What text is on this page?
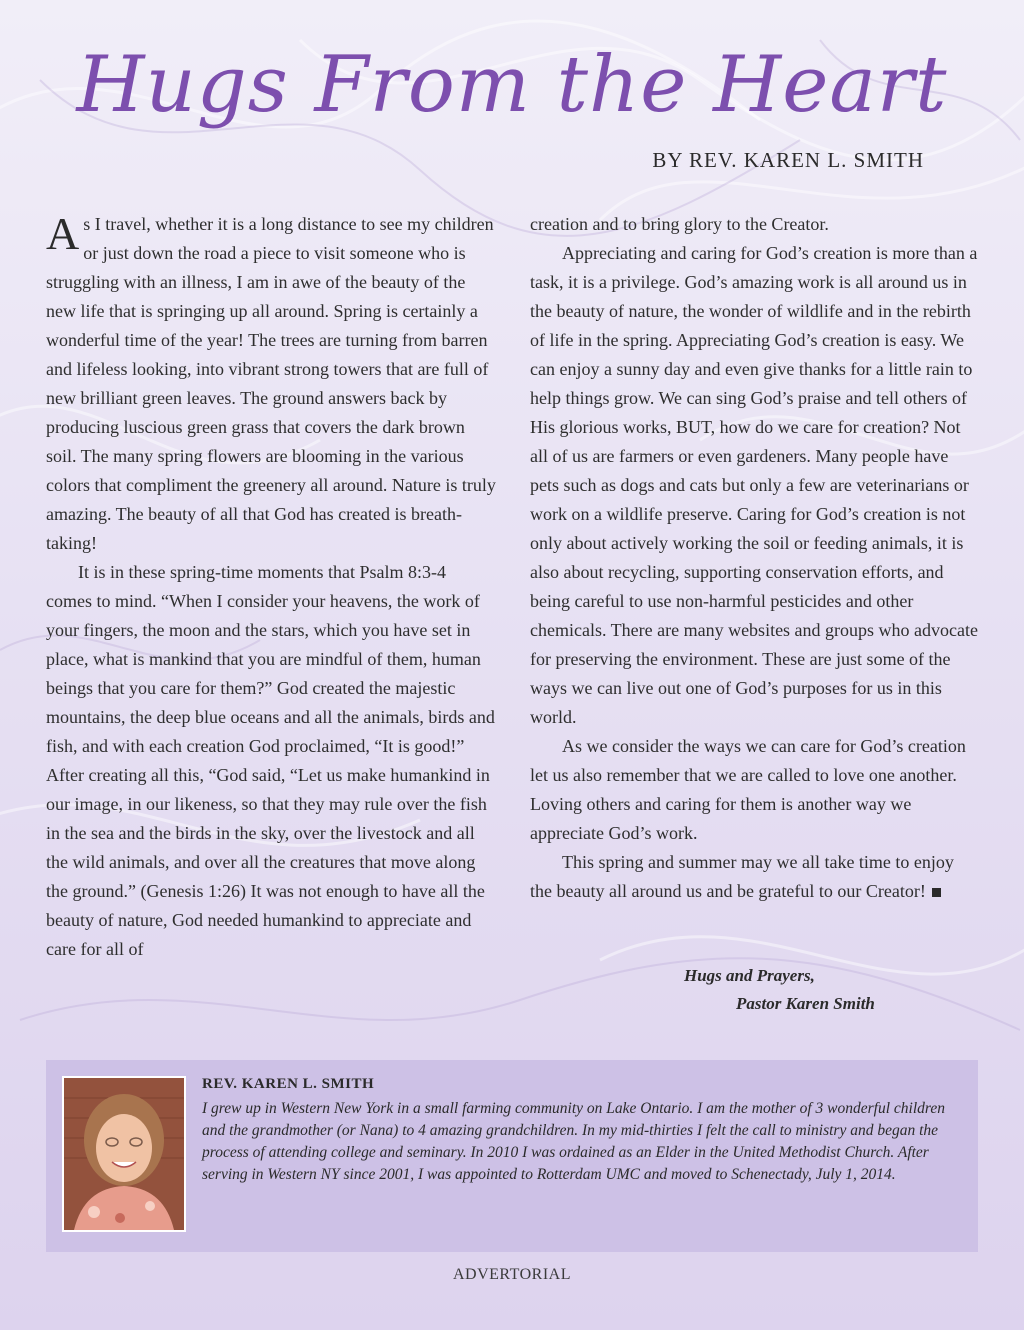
Hugs From the Heart

BY REV. KAREN L. SMITH

As I travel, whether it is a long distance to see my children or just down the road a piece to visit someone who is struggling with an illness, I am in awe of the beauty of the new life that is springing up all around. Spring is certainly a wonderful time of the year! The trees are turning from barren and lifeless looking, into vibrant strong towers that are full of new brilliant green leaves. The ground answers back by producing luscious green grass that covers the dark brown soil. The many spring flowers are blooming in the various colors that compliment the greenery all around. Nature is truly amazing. The beauty of all that God has created is breath-taking!

It is in these spring-time moments that Psalm 8:3-4 comes to mind. “When I consider your heavens, the work of your fingers, the moon and the stars, which you have set in place, what is mankind that you are mindful of them, human beings that you care for them?” God created the majestic mountains, the deep blue oceans and all the animals, birds and fish, and with each creation God proclaimed, “It is good!” After creating all this, “God said, “Let us make humankind in our image, in our likeness, so that they may rule over the fish in the sea and the birds in the sky, over the livestock and all the wild animals, and over all the creatures that move along the ground.” (Genesis 1:26) It was not enough to have all the beauty of nature, God needed humankind to appreciate and care for all of

creation and to bring glory to the Creator.

Appreciating and caring for God’s creation is more than a task, it is a privilege. God’s amazing work is all around us in the beauty of nature, the wonder of wildlife and in the rebirth of life in the spring. Appreciating God’s creation is easy. We can enjoy a sunny day and even give thanks for a little rain to help things grow. We can sing God’s praise and tell others of His glorious works, BUT, how do we care for creation? Not all of us are farmers or even gardeners. Many people have pets such as dogs and cats but only a few are veterinarians or work on a wildlife preserve. Caring for God’s creation is not only about actively working the soil or feeding animals, it is also about recycling, supporting conservation efforts, and being careful to use non-harmful pesticides and other chemicals. There are many websites and groups who advocate for preserving the environment. These are just some of the ways we can live out one of God’s purposes for us in this world.

As we consider the ways we can care for God’s creation let us also remember that we are called to love one another. Loving others and caring for them is another way we appreciate God’s work.

This spring and summer may we all take time to enjoy the beauty all around us and be grateful to our Creator!

Hugs and Prayers,
Pastor Karen Smith

REV. KAREN L. SMITH

I grew up in Western New York in a small farming community on Lake Ontario. I am the mother of 3 wonderful children and the grandmother (or Nana) to 4 amazing grandchildren. In my mid-thirties I felt the call to ministry and began the process of attending college and seminary. In 2010 I was ordained as an Elder in the United Methodist Church. After serving in Western NY since 2001, I was appointed to Rotterdam UMC and moved to Schenectady, July 1, 2014.

ADVERTORIAL
